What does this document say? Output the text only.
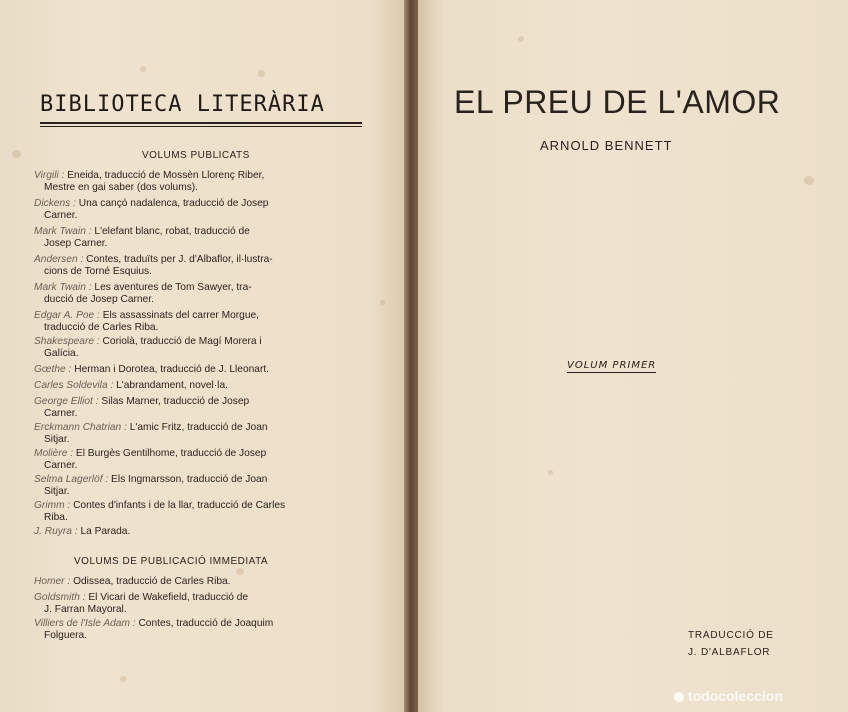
BIBLIOTECA LITERÀRIA
VOLUMS PUBLICATS
Virgili : Eneida, traducció de Mossèn Llorenç Riber,
Mestre en gai saber (dos volums).
Dickens : Una cançó nadalenca, traducció de Josep
Carner.
Mark Twain : L'elefant blanc, robat, traducció de
Josep Carner.
Andersen : Contes, traduïts per J. d'Albaflor, il·lustra-
cions de Torné Esquius.
Mark Twain : Les aventures de Tom Sawyer, tra-
ducció de Josep Carner.
Edgar A. Poe : Els assassinats del carrer Morgue,
traducció de Carles Riba.
Shakespeare : Coriolà, traducció de Magí Morera i
Galícia.
Gœthe : Herman i Dorotea, traducció de J. Lleonart.
Carles Soldevila : L'abrandament, novel·la.
George Elliot : Silas Marner, traducció de Josep
Carner.
Erckmann Chatrian : L'amic Fritz, traducció de Joan
Sitjar.
Molière : El Burgès Gentilhome, traducció de Josep
Carner.
Selma Lagerlöf : Els Ingmarsson, traducció de Joan
Sitjar.
Grimm : Contes d'infants i de la llar, traducció de Carles
Riba.
J. Ruyra : La Parada.
VOLUMS DE PUBLICACIÓ IMMEDIATA
Homer : Odissea, traducció de Carles Riba.
Goldsmith : El Vicari de Wakefield, traducció de
J. Farran Mayoral.
Villiers de l'Isle Adam : Contes, traducció de Joaquim
Folguera.
EL PREU DE L'AMOR
ARNOLD BENNETT
VOLUM PRIMER
TRADUCCIÓ DE
J. D'ALBAFLOR
todocoleccion
